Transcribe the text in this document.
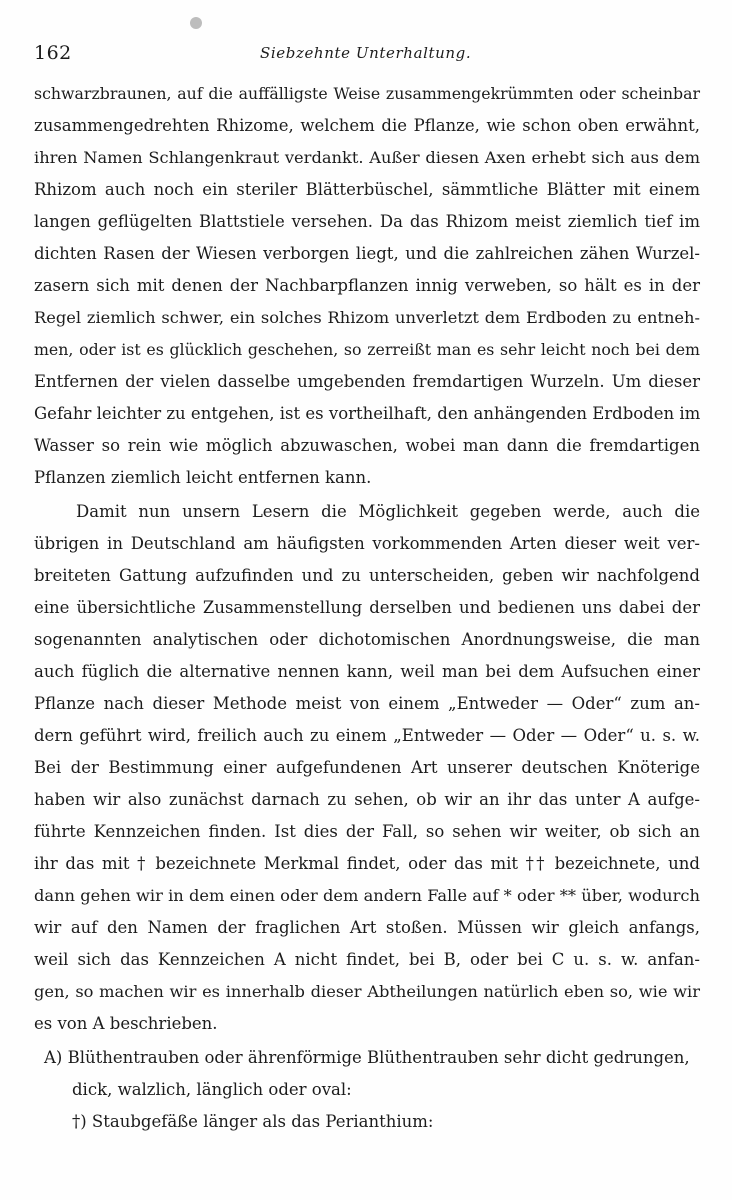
162	Siebzehnte Unterhaltung.
schwarzbraunen, auf die auffälligste Weise zusammengekrümmten oder scheinbar
zusammengedrehten Rhizome, welchem die Pflanze, wie schon oben erwähnt,
ihren Namen Schlangenkraut verdankt. Außer diesen Axen erhebt sich aus dem
Rhizom auch noch ein steriler Blätterbüschel, sämmtliche Blätter mit einem
langen geflügelten Blattstiele versehen. Da das Rhizom meist ziemlich tief im
dichten Rasen der Wiesen verborgen liegt, und die zahlreichen zähen Wurzel-
zasern sich mit denen der Nachbarpflanzen innig verweben, so hält es in der
Regel ziemlich schwer, ein solches Rhizom unverletzt dem Erdboden zu entneh-
men, oder ist es glücklich geschehen, so zerreißt man es sehr leicht noch bei dem
Entfernen der vielen dasselbe umgebenden fremdartigen Wurzeln. Um dieser
Gefahr leichter zu entgehen, ist es vortheilhaft, den anhängenden Erdboden im
Wasser so rein wie möglich abzuwaschen, wobei man dann die fremdartigen
Pflanzen ziemlich leicht entfernen kann.
Damit nun unsern Lesern die Möglichkeit gegeben werde, auch die
übrigen in Deutschland am häufigsten vorkommenden Arten dieser weit ver-
breiteten Gattung aufzufinden und zu unterscheiden, geben wir nachfolgend
eine übersichtliche Zusammenstellung derselben und bedienen uns dabei der
sogenannten analytischen oder dichotomischen Anordnungsweise, die man
auch füglich die alternative nennen kann, weil man bei dem Aufsuchen einer
Pflanze nach dieser Methode meist von einem „Entweder — Oder“ zum an-
dern geführt wird, freilich auch zu einem „Entweder — Oder — Oder“ u. s. w.
Bei der Bestimmung einer aufgefundenen Art unserer deutschen Knöterige
haben wir also zunächst darnach zu sehen, ob wir an ihr das unter A aufge-
führte Kennzeichen finden. Ist dies der Fall, so sehen wir weiter, ob sich an
ihr das mit † bezeichnete Merkmal findet, oder das mit †† bezeichnete, und
dann gehen wir in dem einen oder dem andern Falle auf * oder ** über, wodurch
wir auf den Namen der fraglichen Art stoßen. Müssen wir gleich anfangs,
weil sich das Kennzeichen A nicht findet, bei B, oder bei C u. s. w. anfan-
gen, so machen wir es innerhalb dieser Abtheilungen natürlich eben so, wie wir
es von A beschrieben.
A) Blüthentrauben oder ährenförmige Blüthentrauben sehr dicht gedrungen,
dick, walzlich, länglich oder oval:
†) Staubgefäße länger als das Perianthium:
